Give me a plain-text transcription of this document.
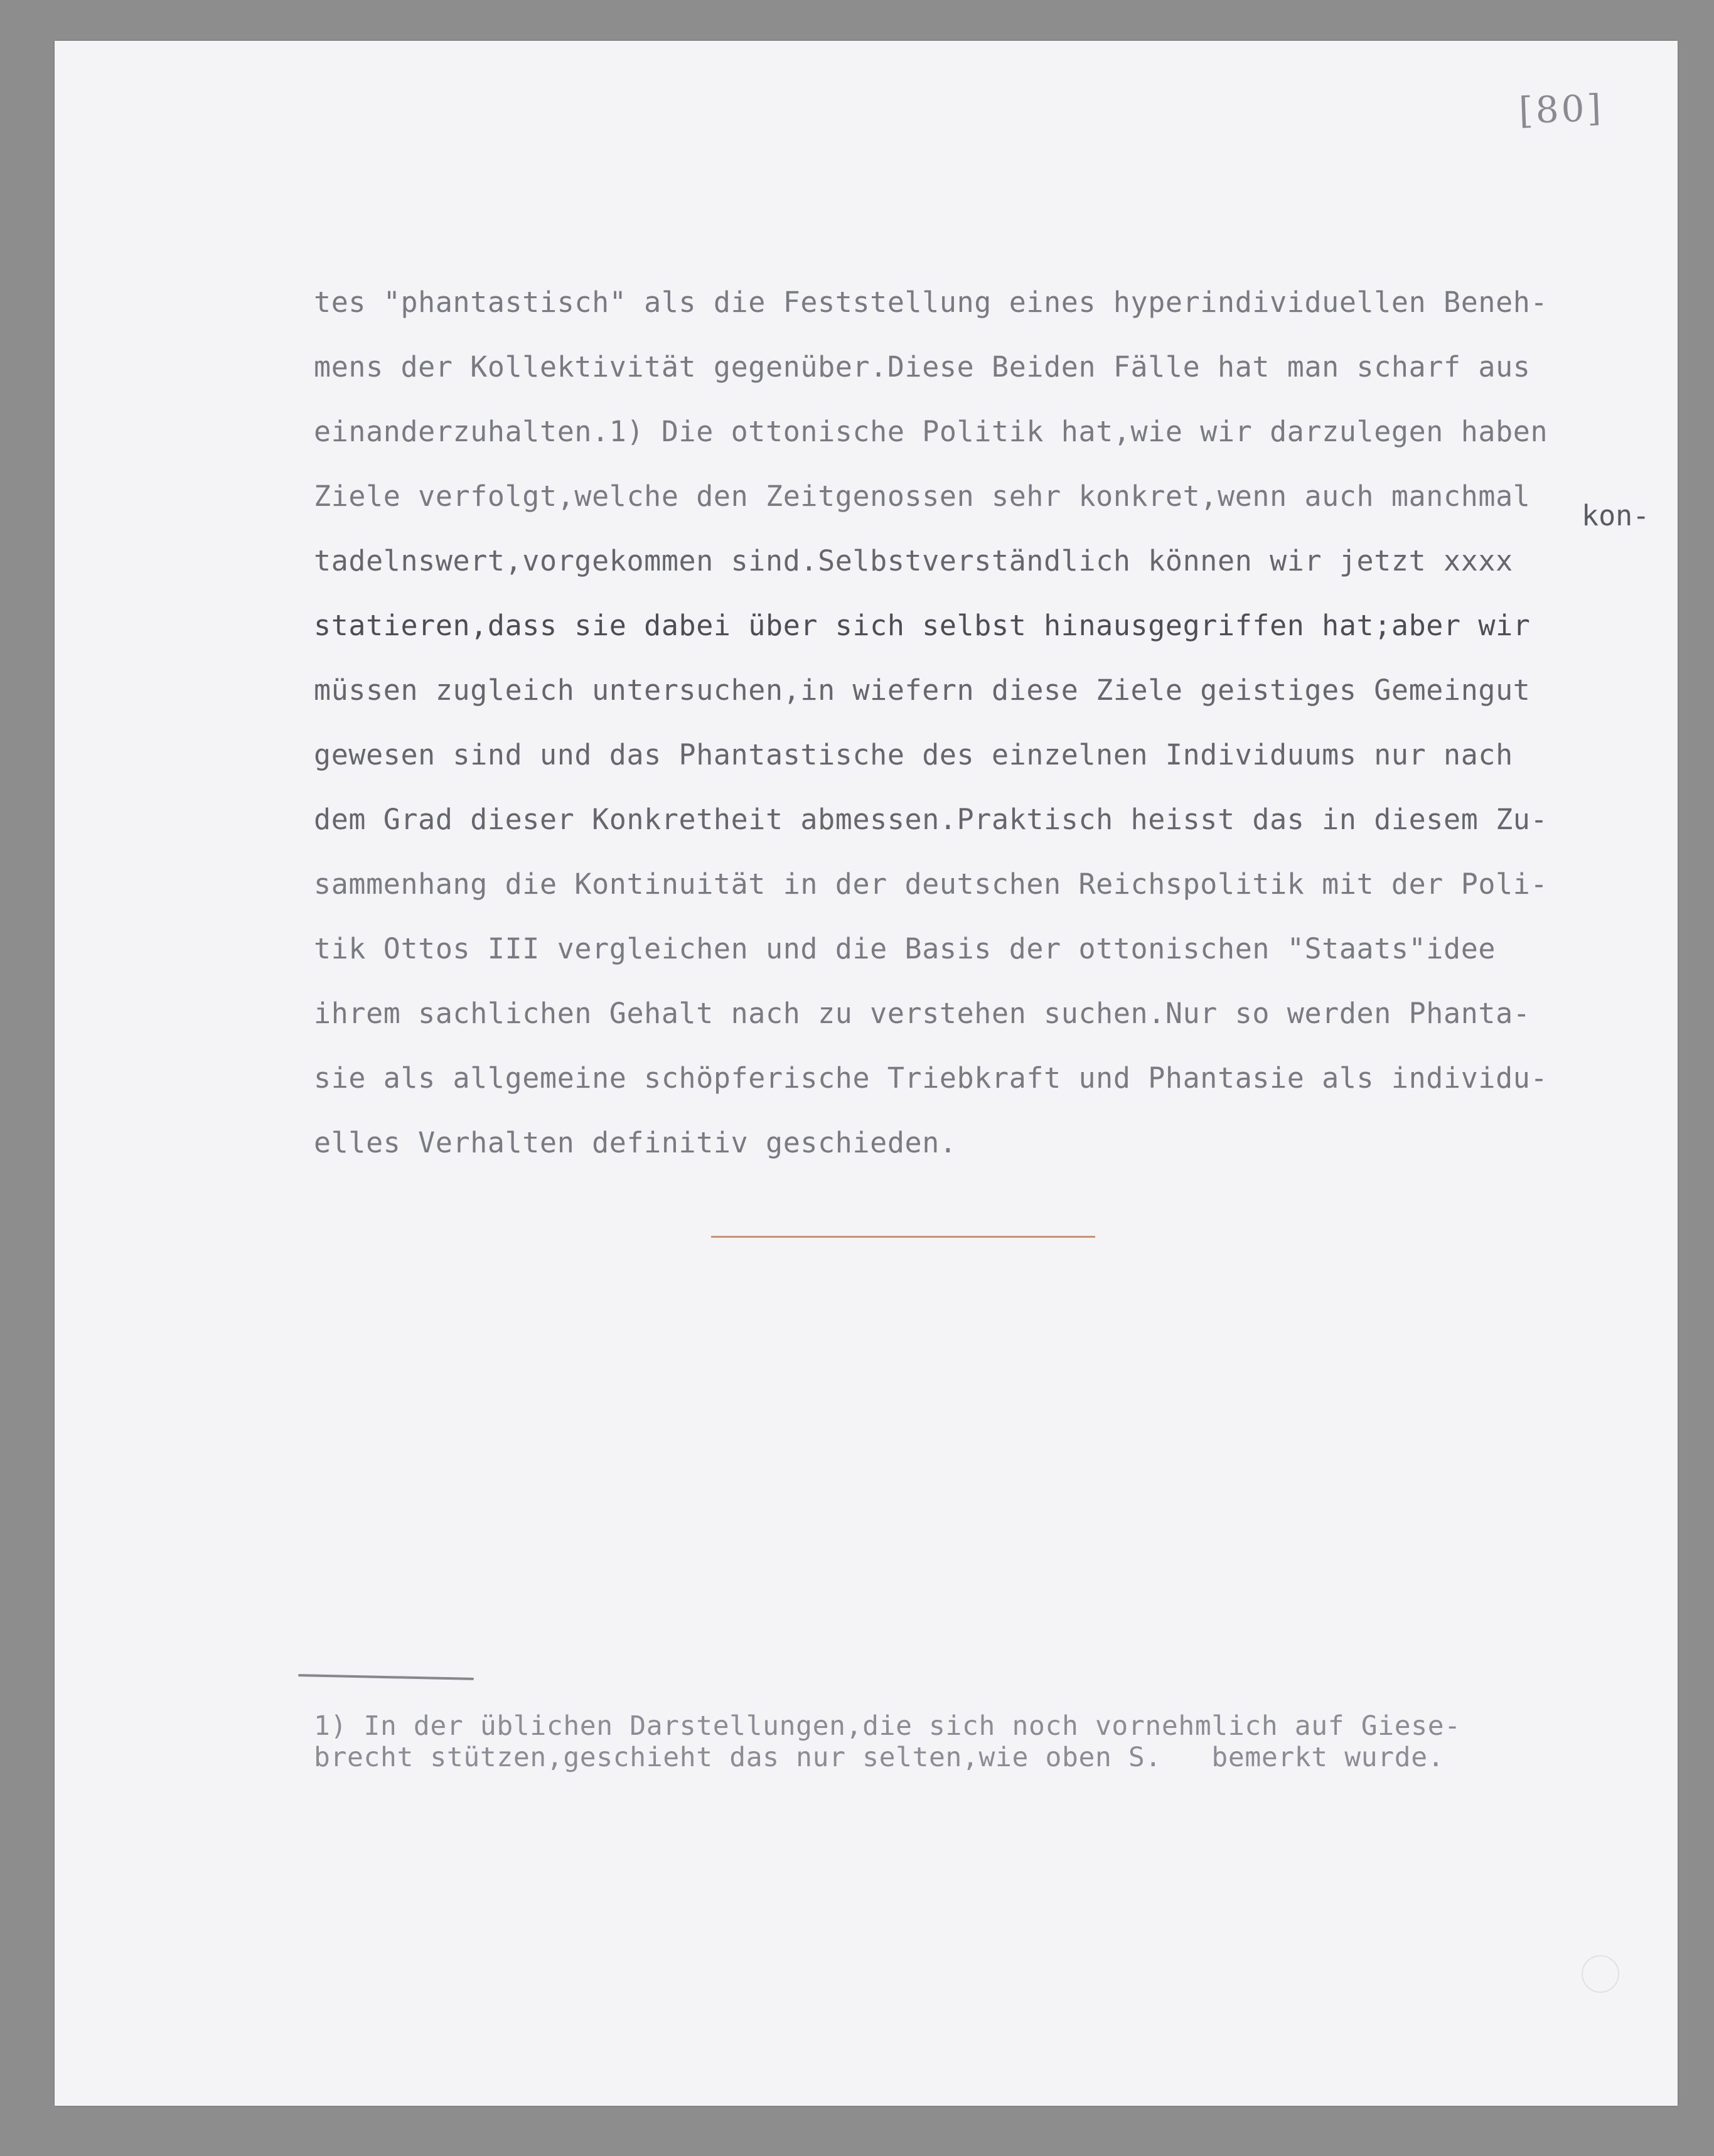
[80]
kon-
tes "phantastisch" als die Feststellung eines hyperindividuellen Beneh-
mens der Kollektivität gegenüber.Diese Beiden Fälle hat man scharf aus
einanderzuhalten.1) Die ottonische Politik hat,wie wir darzulegen haben
Ziele verfolgt,welche den Zeitgenossen sehr konkret,wenn auch manchmal
tadelnswert,vorgekommen sind.Selbstverständlich können wir jetzt xxxx
statieren,dass sie dabei über sich selbst hinausgegriffen hat;aber wir
müssen zugleich untersuchen,in wiefern diese Ziele geistiges Gemeingut
gewesen sind und das Phantastische des einzelnen Individuums nur nach
dem Grad dieser Konkretheit abmessen.Praktisch heisst das in diesem Zu-
sammenhang die Kontinuität in der deutschen Reichspolitik mit der Poli-
tik Ottos III vergleichen und die Basis der ottonischen "Staats"idee
ihrem sachlichen Gehalt nach zu verstehen suchen.Nur so werden Phanta-
sie als allgemeine schöpferische Triebkraft und Phantasie als individu-
elles Verhalten definitiv geschieden.
1) In der üblichen Darstellungen,die sich noch vornehmlich auf Giese-
brecht stützen,geschieht das nur selten,wie oben S.   bemerkt wurde.
